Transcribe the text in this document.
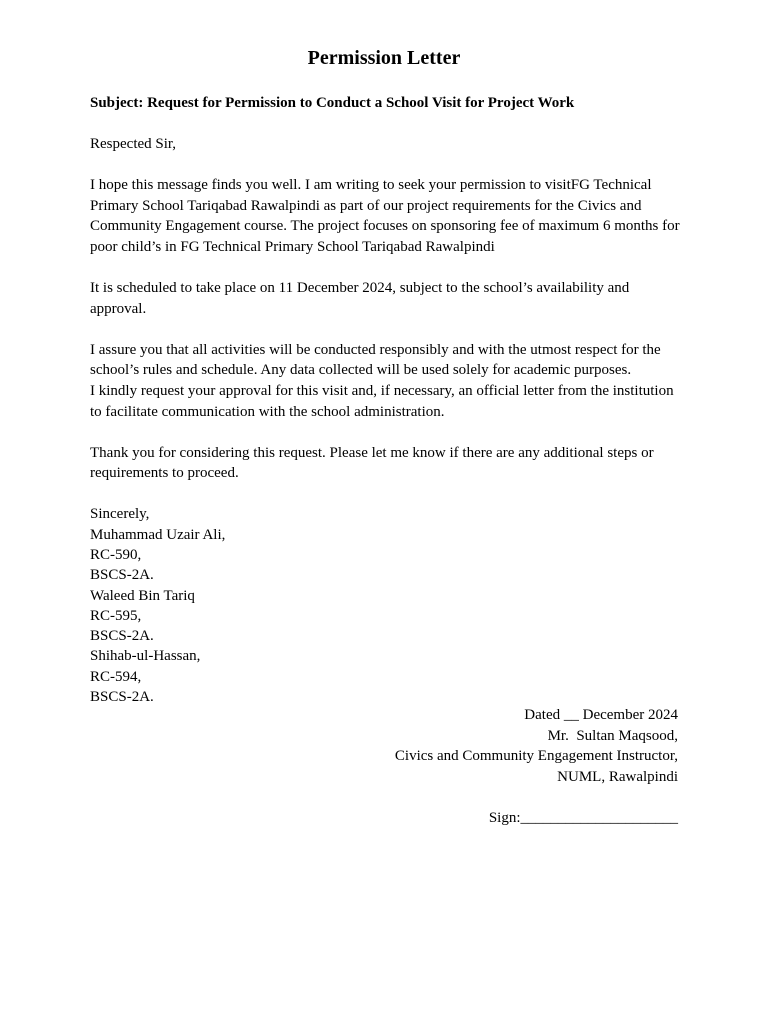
Permission Letter

Subject: Request for Permission to Conduct a School Visit for Project Work

Respected Sir,

I hope this message finds you well. I am writing to seek your permission to visitFG Technical Primary School Tariqabad Rawalpindi as part of our project requirements for the Civics and Community Engagement course. The project focuses on sponsoring fee of maximum 6 months for poor child’s in FG Technical Primary School Tariqabad Rawalpindi

It is scheduled to take place on 11 December 2024, subject to the school’s availability and approval.

I assure you that all activities will be conducted responsibly and with the utmost respect for the school’s rules and schedule. Any data collected will be used solely for academic purposes.
I kindly request your approval for this visit and, if necessary, an official letter from the institution to facilitate communication with the school administration.

Thank you for considering this request. Please let me know if there are any additional steps or requirements to proceed.

Sincerely,
Muhammad Uzair Ali,
RC-590,
BSCS-2A.
Waleed Bin Tariq
RC-595,
BSCS-2A.
Shihab-ul-Hassan,
RC-594,
BSCS-2A.
Dated __ December 2024
Mr.  Sultan Maqsood,
Civics and Community Engagement Instructor,
NUML, Rawalpindi
Sign:_____________________
